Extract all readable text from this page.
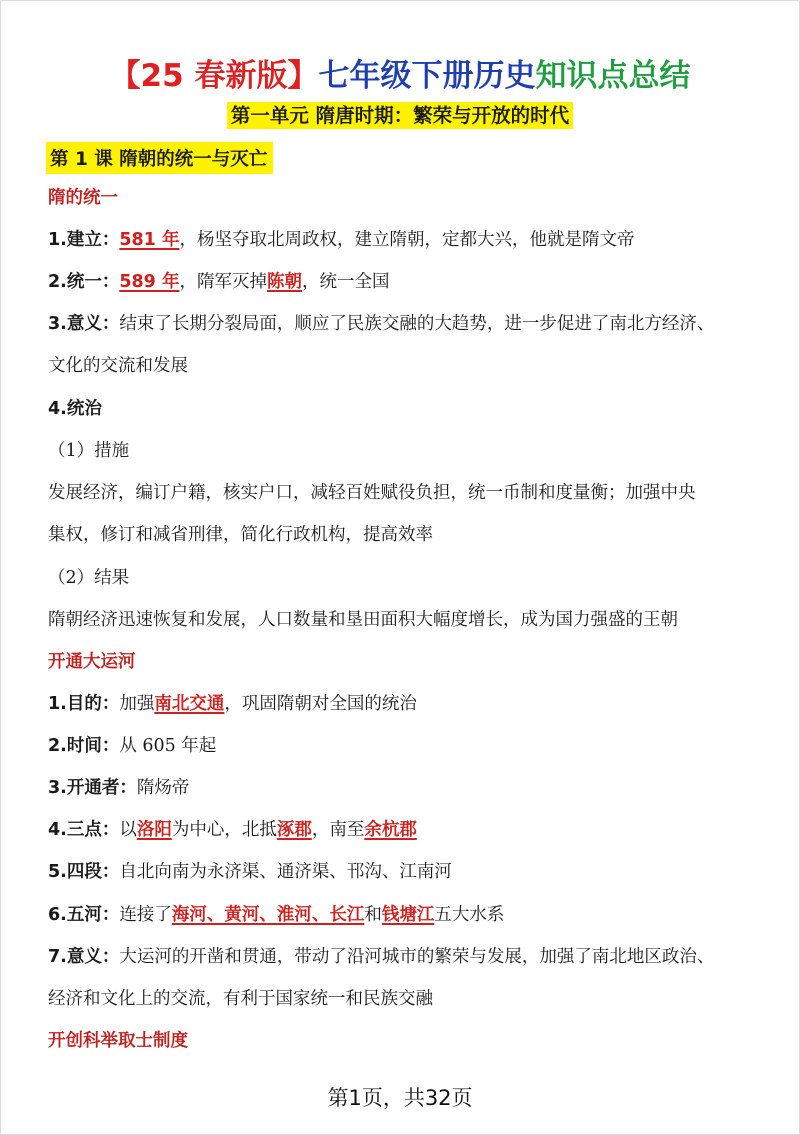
【25 春新版】七年级下册历史知识点总结
第一单元 隋唐时期：繁荣与开放的时代
第 1 课 隋朝的统一与灭亡
隋的统一
1.建立：581 年，杨坚夺取北周政权，建立隋朝，定都大兴，他就是隋文帝
2.统一：589 年，隋军灭掉陈朝，统一全国
3.意义：结束了长期分裂局面，顺应了民族交融的大趋势，进一步促进了南北方经济、
文化的交流和发展
4.统治
（1）措施
发展经济，编订户籍，核实户口，减轻百姓赋役负担，统一币制和度量衡；加强中央
集权，修订和减省刑律，简化行政机构，提高效率
（2）结果
隋朝经济迅速恢复和发展，人口数量和垦田面积大幅度增长，成为国力强盛的王朝
开通大运河
1.目的：加强南北交通，巩固隋朝对全国的统治
2.时间：从 605 年起
3.开通者：隋炀帝
4.三点：以洛阳为中心，北抵涿郡，南至余杭郡
5.四段：自北向南为永济渠、通济渠、邗沟、江南河
6.五河：连接了海河、黄河、淮河、长江和钱塘江五大水系
7.意义：大运河的开凿和贯通，带动了沿河城市的繁荣与发展，加强了南北地区政治、
经济和文化上的交流，有利于国家统一和民族交融
开创科举取士制度
第1页，共32页
